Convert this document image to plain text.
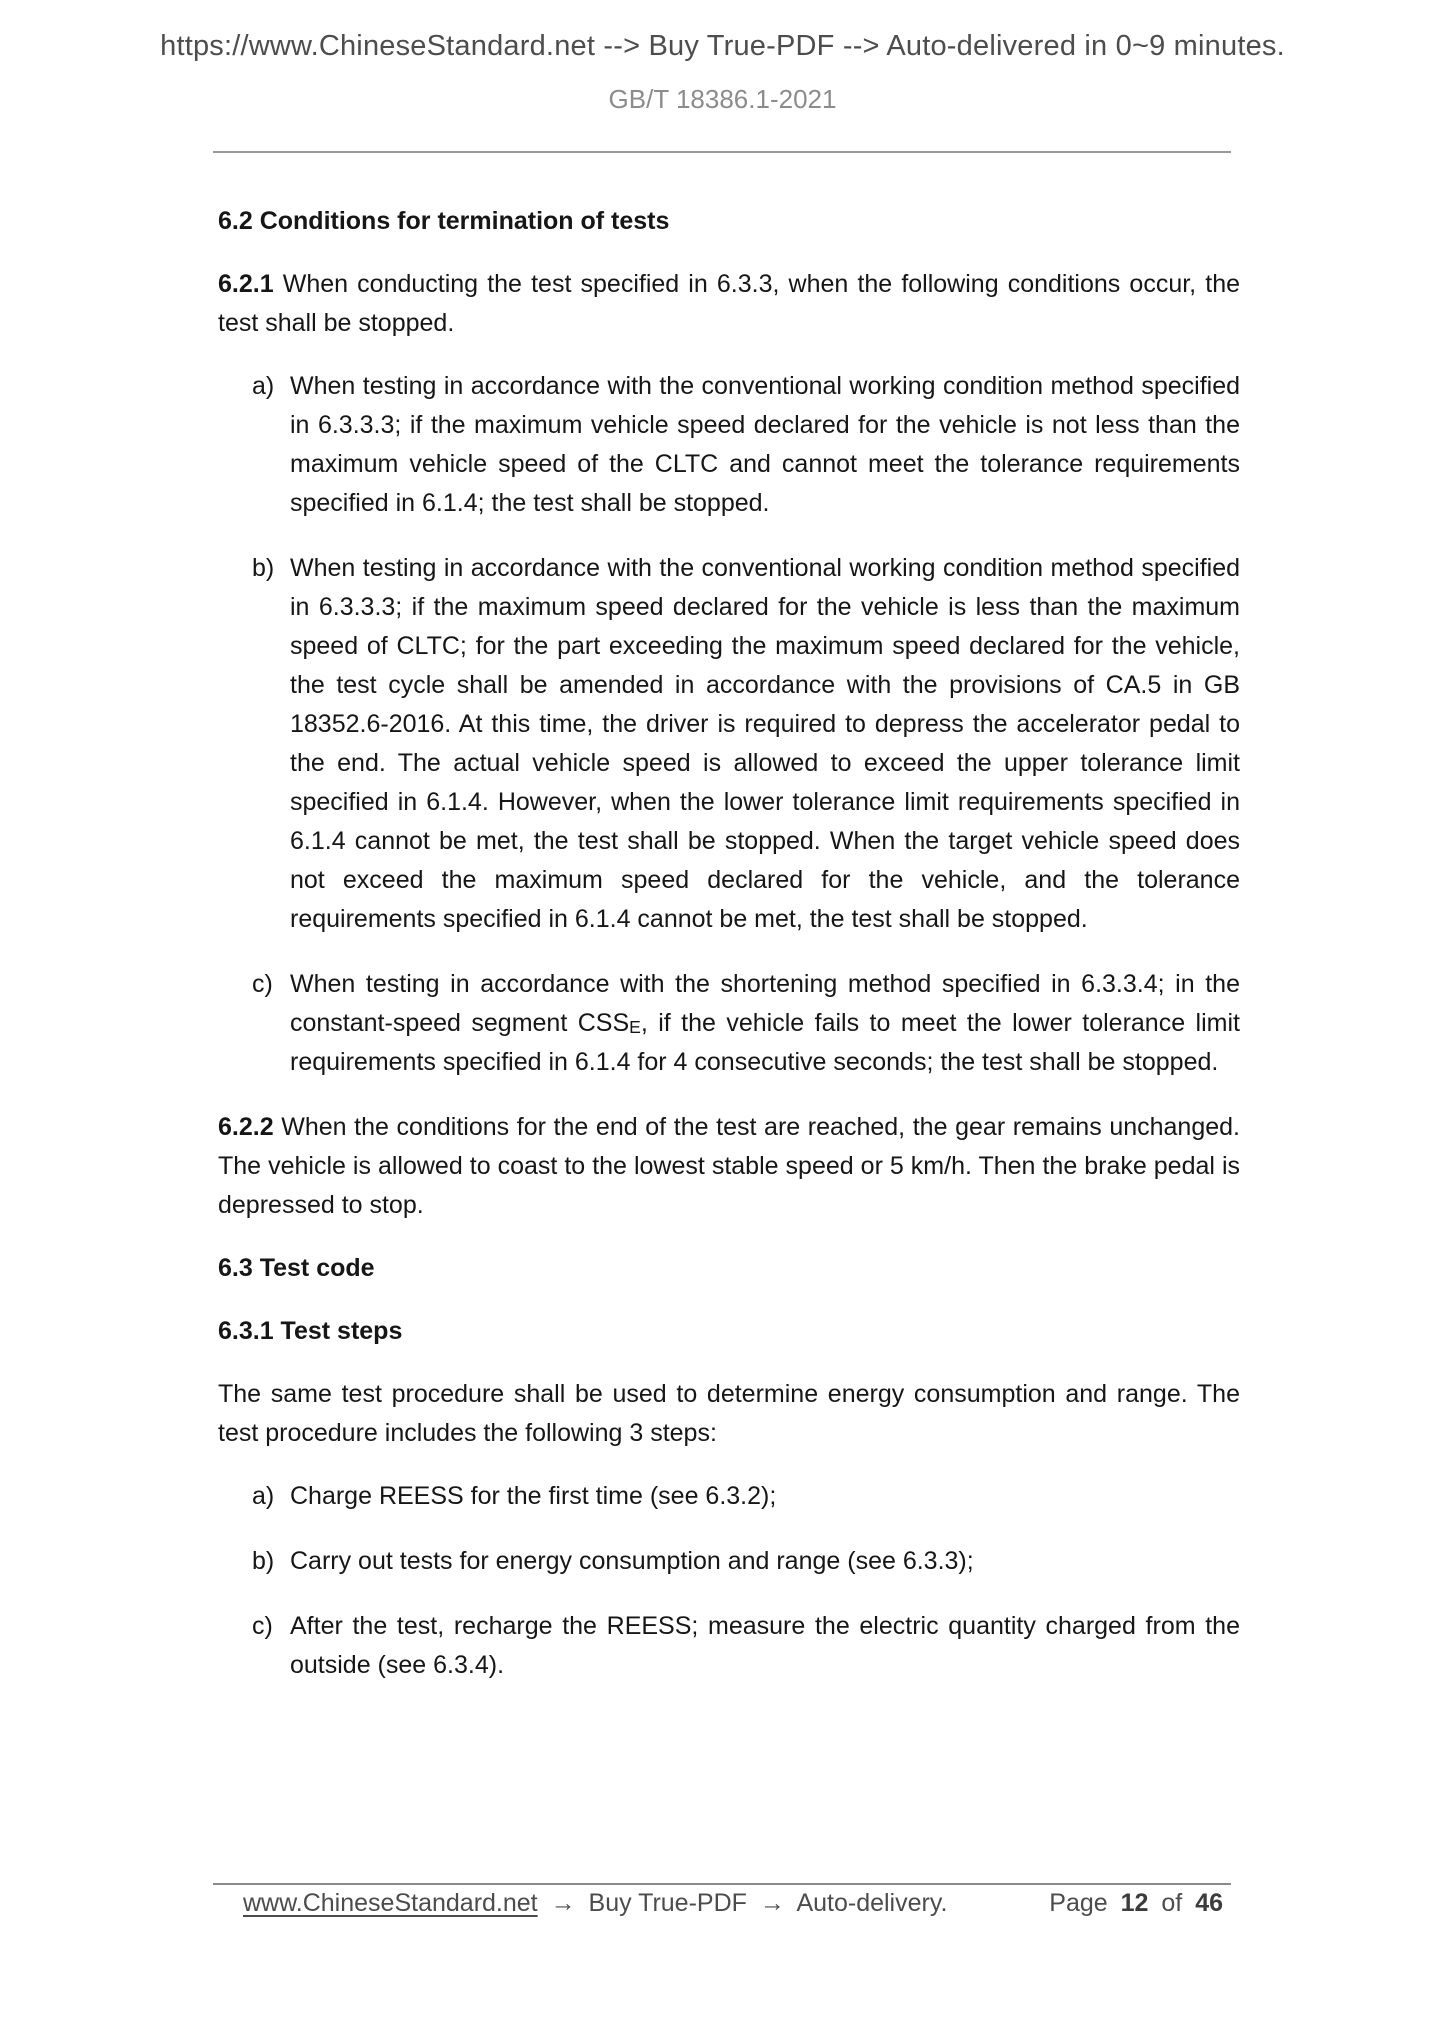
https://www.ChineseStandard.net --> Buy True-PDF --> Auto-delivered in 0~9 minutes.
GB/T 18386.1-2021
6.2 Conditions for termination of tests
6.2.1 When conducting the test specified in 6.3.3, when the following conditions occur, the test shall be stopped.
a) When testing in accordance with the conventional working condition method specified in 6.3.3.3; if the maximum vehicle speed declared for the vehicle is not less than the maximum vehicle speed of the CLTC and cannot meet the tolerance requirements specified in 6.1.4; the test shall be stopped.
b) When testing in accordance with the conventional working condition method specified in 6.3.3.3; if the maximum speed declared for the vehicle is less than the maximum speed of CLTC; for the part exceeding the maximum speed declared for the vehicle, the test cycle shall be amended in accordance with the provisions of CA.5 in GB 18352.6-2016. At this time, the driver is required to depress the accelerator pedal to the end. The actual vehicle speed is allowed to exceed the upper tolerance limit specified in 6.1.4. However, when the lower tolerance limit requirements specified in 6.1.4 cannot be met, the test shall be stopped. When the target vehicle speed does not exceed the maximum speed declared for the vehicle, and the tolerance requirements specified in 6.1.4 cannot be met, the test shall be stopped.
c) When testing in accordance with the shortening method specified in 6.3.3.4; in the constant-speed segment $CSS_E$, if the vehicle fails to meet the lower tolerance limit requirements specified in 6.1.4 for 4 consecutive seconds; the test shall be stopped.
6.2.2 When the conditions for the end of the test are reached, the gear remains unchanged. The vehicle is allowed to coast to the lowest stable speed or 5 km/h. Then the brake pedal is depressed to stop.
6.3 Test code
6.3.1 Test steps
The same test procedure shall be used to determine energy consumption and range. The test procedure includes the following 3 steps:
a) Charge REESS for the first time (see 6.3.2);
b) Carry out tests for energy consumption and range (see 6.3.3);
c) After the test, recharge the REESS; measure the electric quantity charged from the outside (see 6.3.4).
www.ChineseStandard.net → Buy True-PDF → Auto-delivery.	Page 12 of 46
